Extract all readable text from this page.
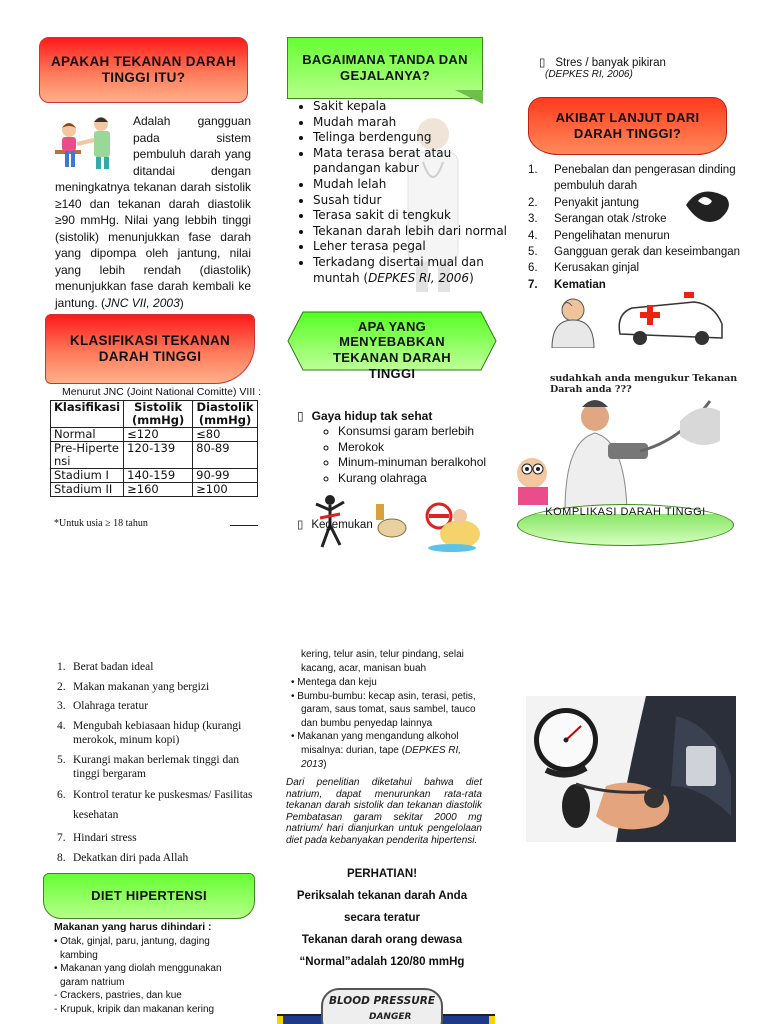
APAKAH TEKANAN DARAH TINGGI ITU?
Adalah gangguan pada sistem pembuluh darah yang ditandai dengan meningkatnya tekanan darah sistolik ≥140 dan tekanan darah diastolik ≥90 mmHg. Nilai yang lebbih tinggi (sistolik) menunjukkan fase darah yang dipompa oleh jantung, nilai yang lebih rendah (diastolik) menunjukkan fase darah kembali ke jantung. (JNC VII, 2003)
KLASIFIKASI TEKANAN DARAH TINGGI
Menurut JNC (Joint National Comitte) VIII :
Klasifikasi	Sistolik (mmHg)	Diastolik (mmHg)
Normal	≤120	≤80
Pre-Hipertensi	120-139	80-89
Stadium I	140-159	90-99
Stadium II	≥160	≥100
*Untuk usia ≥ 18 tahun
BAGAIMANA TANDA DAN GEJALANYA?
• Sakit kepala
• Mudah marah
• Telinga berdengung
• Mata terasa berat atau pandangan kabur
• Mudah lelah
• Susah tidur
• Terasa sakit di tengkuk
• Tekanan darah lebih dari normal
• Leher terasa pegal
• Terkadang disertai mual dan muntah (DEPKES RI, 2006)
APA YANG MENYEBABKAN TEKANAN DARAH TINGGI
▯ Gaya hidup tak sehat
◦ Konsumsi garam berlebih
◦ Merokok
◦ Minum-minuman beralkohol
◦ Kurang olahraga
▯ Kegemukan
▯ Stres / banyak pikiran
(DEPKES RI, 2006)
AKIBAT LANJUT DARI DARAH TINGGI?
1.	Penebalan dan pengerasan dinding pembuluh darah
2.	Penyakit jantung
3.	Serangan otak /stroke
4.	Pengelihatan menurun
5.	Gangguan gerak dan keseimbangan
6.	Kerusakan ginjal
7.	Kematian
sudahkah anda mengukur Tekanan Darah anda ???
KOMPLIKASI DARAH TINGGI
1. Berat badan ideal
2. Makan makanan yang bergizi
3. Olahraga teratur
4. Mengubah kebiasaan hidup (kurangi merokok, minum kopi)
5. Kurangi makan berlemak tinggi dan tinggi bergaram
6. Kontrol teratur ke puskesmas/ Fasilitas kesehatan
7. Hindari stress
8. Dekatkan diri pada Allah
DIET HIPERTENSI
Makanan yang harus dihindari :
• Otak, ginjal, paru, jantung, daging kambing
• Makanan yang diolah menggunakan garam natrium
- Crackers, pastries, dan kue
- Krupuk, kripik dan makanan kering
kering, telur asin, telur pindang, selai kacang, acar, manisan buah
• Mentega dan keju
• Bumbu-bumbu: kecap asin, terasi, petis, garam, saus tomat, saus sambel, tauco dan bumbu penyedap lainnya
• Makanan yang mengandung alkohol misalnya: durian, tape (DEPKES RI, 2013)
Dari penelitian diketahui bahwa diet natrium, dapat menurunkan rata-rata tekanan darah sistolik dan tekanan diastolik Pembatasan garam sekitar 2000 mg natrium/ hari dianjurkan untuk pengelolaan diet pada kebanyakan penderita hipertensi.
PERHATIAN!
Periksalah tekanan darah Anda
secara teratur
Tekanan darah orang dewasa
“Normal”adalah 120/80 mmHg
BLOOD PRESSURE
DANGER
